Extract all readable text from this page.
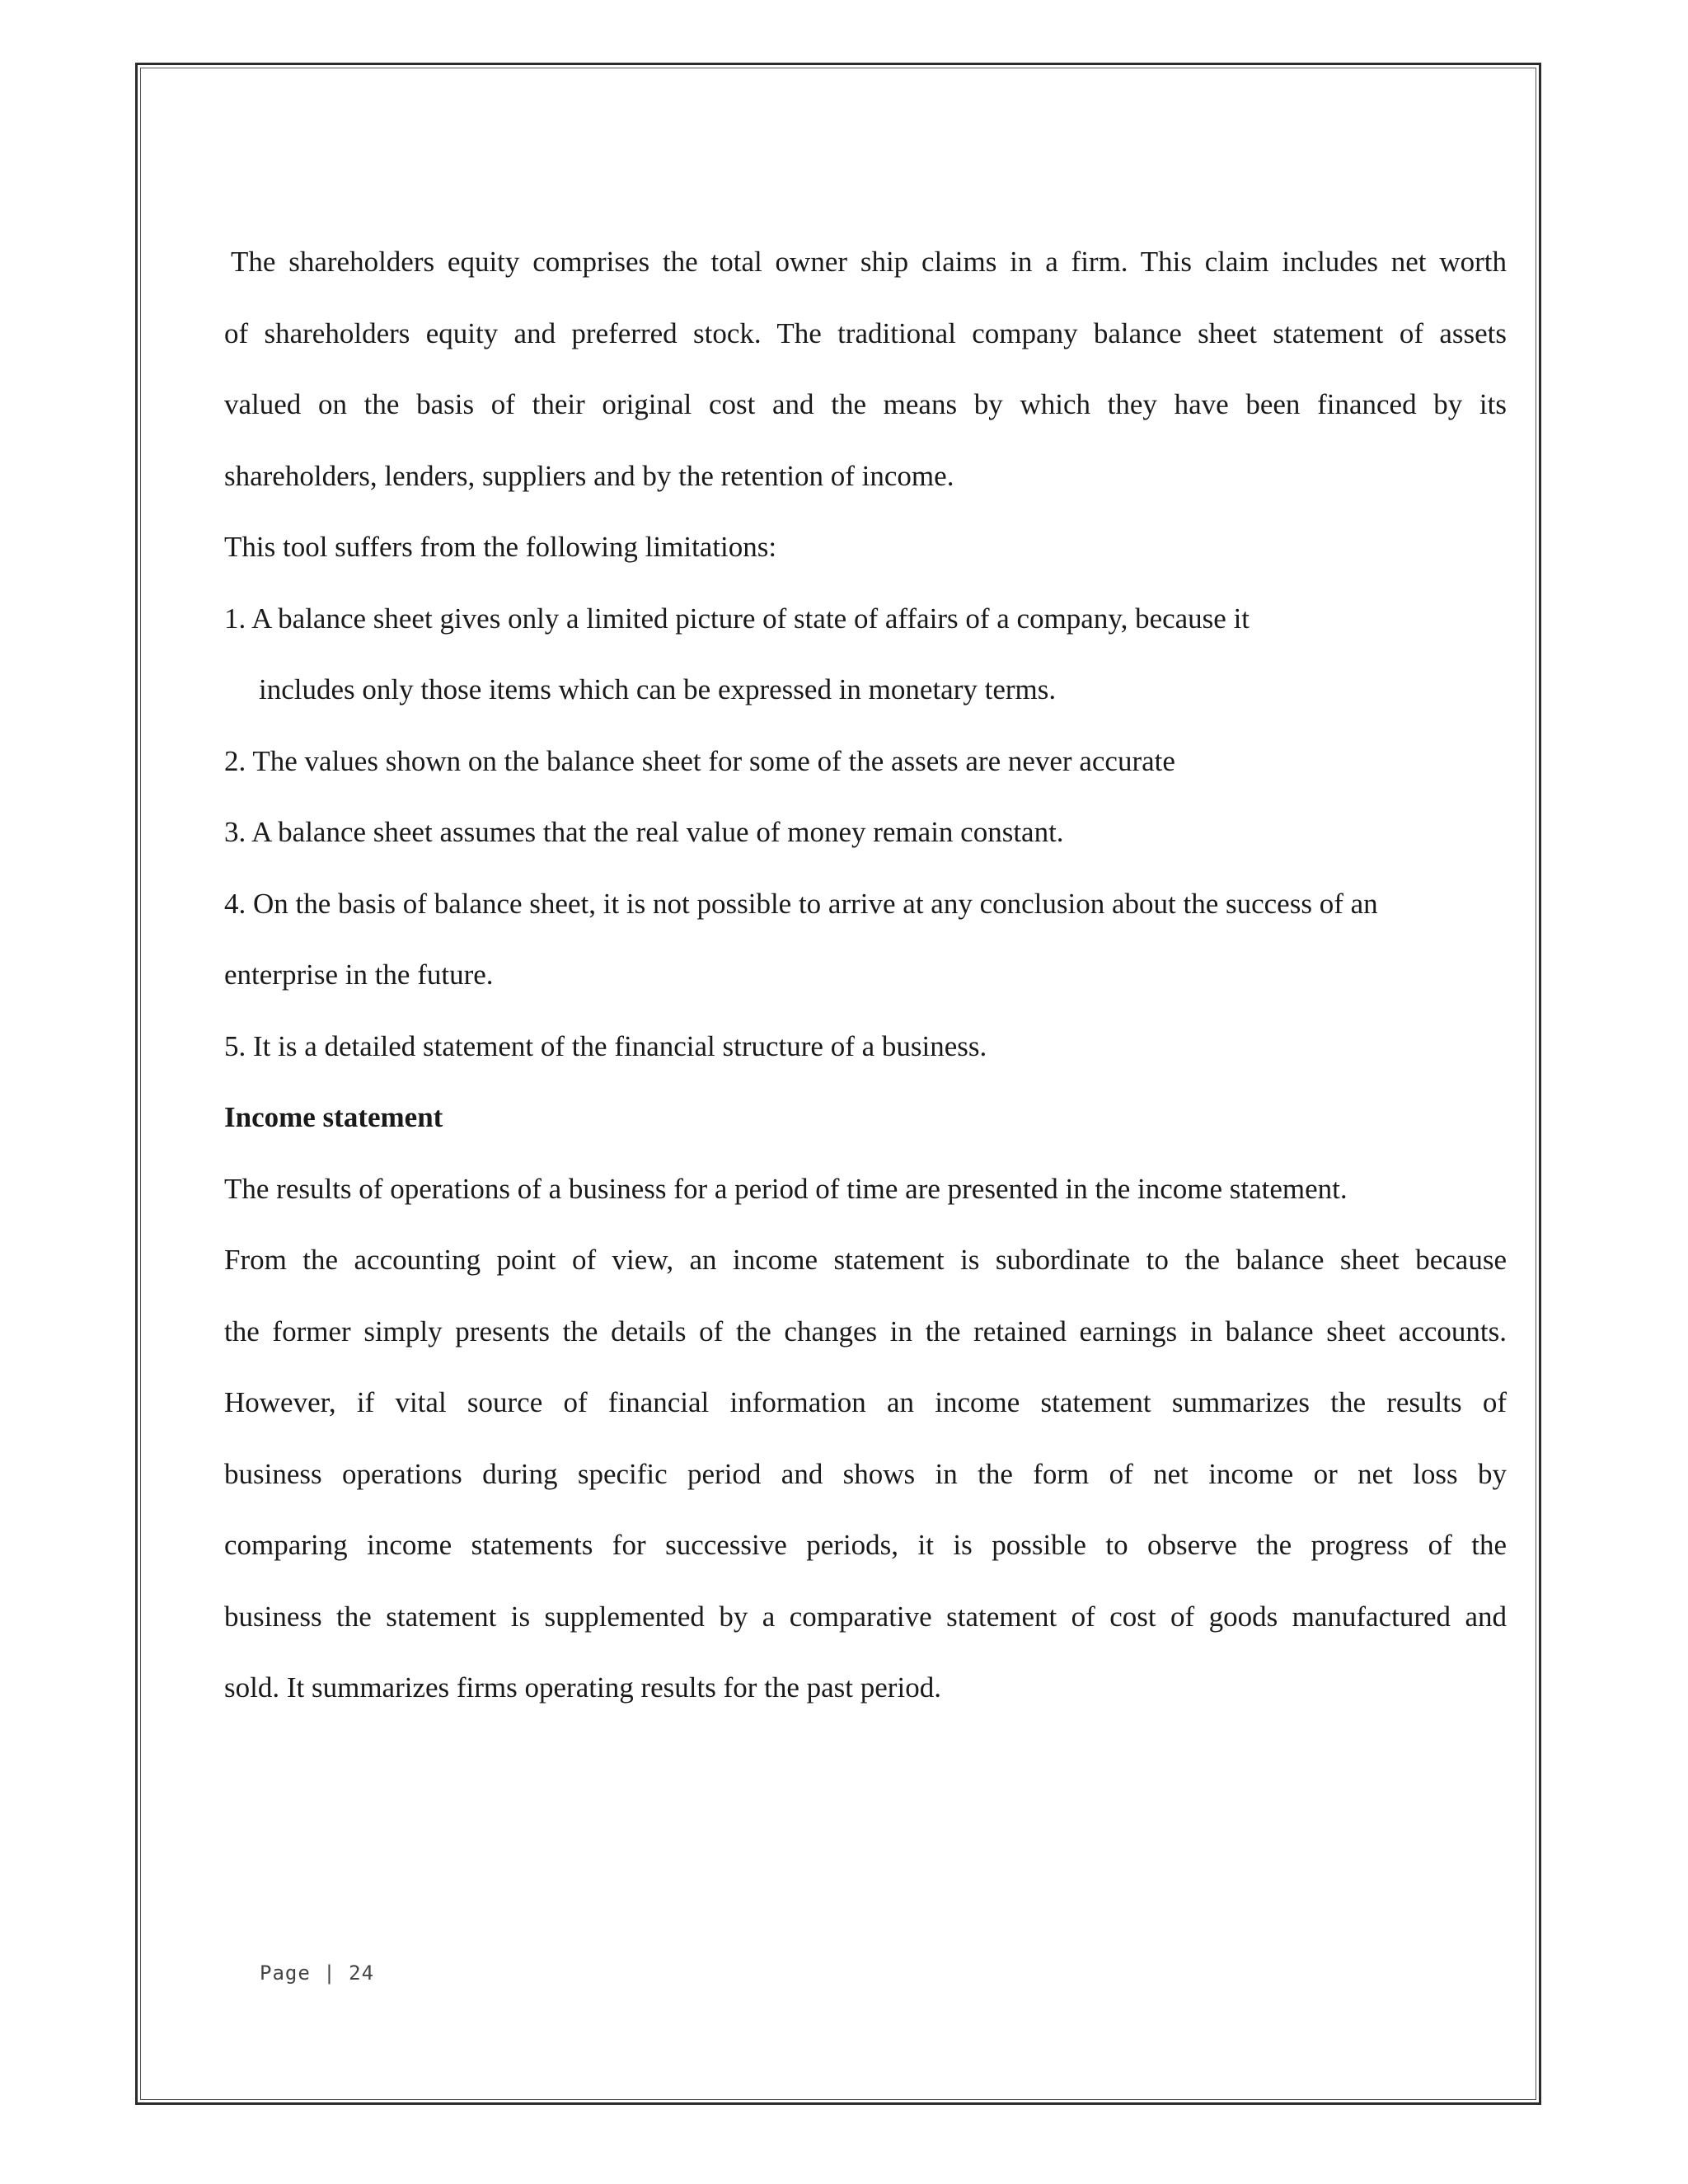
The shareholders equity comprises the total owner ship claims in a firm. This claim includes net worth
of shareholders equity and preferred stock. The traditional company balance sheet statement of assets
valued on the basis of their original cost and the means by which they have been financed by its
shareholders, lenders, suppliers and by the retention of income.
This tool suffers from the following limitations:
1. A balance sheet gives only a limited picture of state of affairs of a company, because it
includes only those items which can be expressed in monetary terms.
2. The values shown on the balance sheet for some of the assets are never accurate
3. A balance sheet assumes that the real value of money remain constant.
4. On the basis of balance sheet, it is not possible to arrive at any conclusion about the success of an
enterprise in the future.
5. It is a detailed statement of the financial structure of a business.
Income statement
The results of operations of a business for a period of time are presented in the income statement.
From the accounting point of view, an income statement is subordinate to the balance sheet because
the former simply presents the details of the changes in the retained earnings in balance sheet accounts.
However, if vital source of financial information an income statement summarizes the results of
business operations during specific period and shows in the form of net income or net loss by
comparing income statements for successive periods, it is possible to observe the progress of the
business the statement is supplemented by a comparative statement of cost of goods manufactured and
sold. It summarizes firms operating results for the past period.
Page | 24
